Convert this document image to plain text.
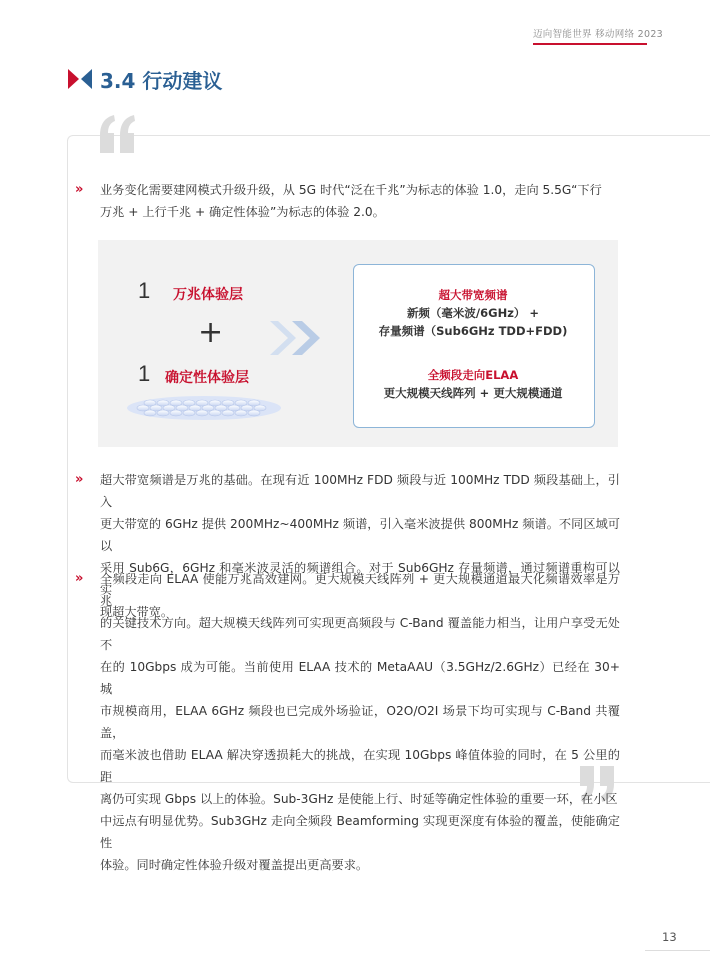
迈向智能世界 移动网络 2023
3.4 行动建议
» 业务变化需要建网模式升级升级，从 5G 时代“泛在千兆”为标志的体验 1.0，走向 5.5G“下行
万兆 + 上行千兆 + 确定性体验”为标志的体验 2.0。
1 万兆体验层
+
1 确定性体验层
超大带宽频谱
新频（毫米波/6GHz） +
存量频谱（Sub6GHz TDD+FDD)
全频段走向ELAA
更大规模天线阵列 + 更大规模通道
» 超大带宽频谱是万兆的基础。在现有近 100MHz FDD 频段与近 100MHz TDD 频段基础上，引入
更大带宽的 6GHz 提供 200MHz~400MHz 频谱，引入毫米波提供 800MHz 频谱。不同区域可以
采用 Sub6G，6GHz 和毫米波灵活的频谱组合。对于 Sub6GHz 存量频谱，通过频谱重构可以实
现超大带宽。
» 全频段走向 ELAA 使能万兆高效建网。更大规模天线阵列 + 更大规模通道最大化频谱效率是万兆
的关键技术方向。超大规模天线阵列可实现更高频段与 C-Band 覆盖能力相当，让用户享受无处不
在的 10Gbps 成为可能。当前使用 ELAA 技术的 MetaAAU（3.5GHz/2.6GHz）已经在 30+ 城
市规模商用，ELAA 6GHz 频段也已完成外场验证，O2O/O2I 场景下均可实现与 C-Band 共覆盖，
而毫米波也借助 ELAA 解决穿透损耗大的挑战，在实现 10Gbps 峰值体验的同时，在 5 公里的距
离仍可实现 Gbps 以上的体验。Sub-3GHz 是使能上行、时延等确定性体验的重要一环，在小区
中远点有明显优势。Sub3GHz 走向全频段 Beamforming 实现更深度有体验的覆盖，使能确定性
体验。同时确定性体验升级对覆盖提出更高要求。
13
